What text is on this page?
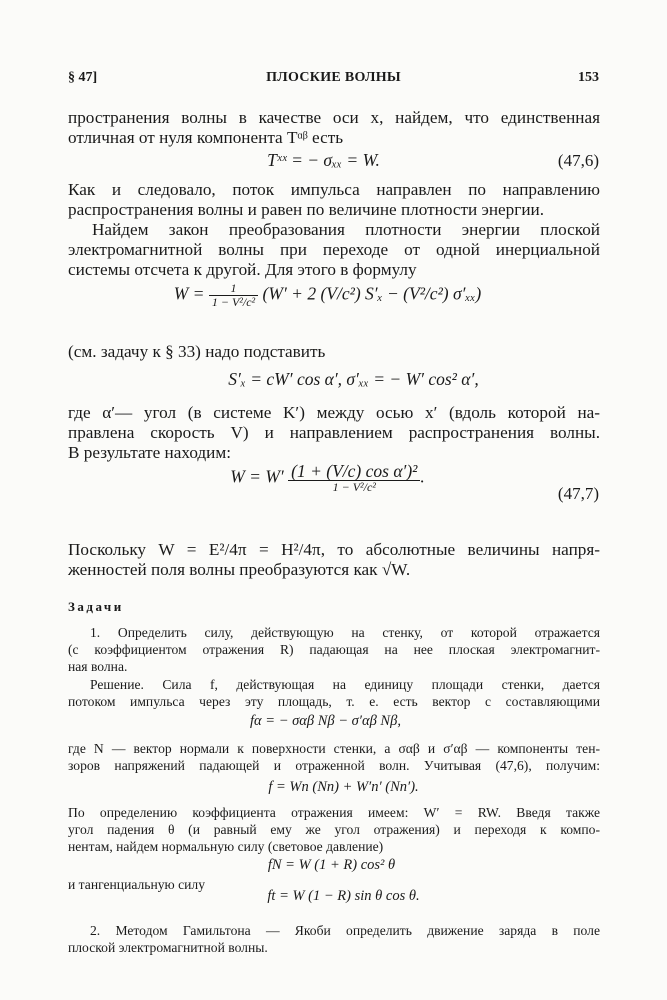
§ 47]	ПЛОСКИЕ ВОЛНЫ	153
пространения волны в качестве оси x, найдем, что единственная
отличная от нуля компонента Tᵅᵝ есть
Tˣˣ = − σₓₓ = W.	(47,6)
Как и следовало, поток импульса направлен по направлению
распространения волны и равен по величине плотности энергии.
Найдем закон преобразования плотности энергии плоской
электромагнитной волны при переходе от одной инерциальной
системы отсчета к другой. Для этого в формулу
$W = \frac{1}{\text{1 − V²/c²}} (W' + 2$ (V/c²) S′ₓ − (V²/c²) σ′ₓₓ)
(см. задачу к § 33) надо подставить
S′ₓ = cW′ cos α′, σ′ₓₓ = − W′ cos² α′,
где α′— угол (в системе K′) между осью x′ (вдоль которой на-
правлена скорость V) и направлением распространения волны.
В результате находим:
$W = W' \frac{\text{(1 + (V/c) cos α′)²}}{\text{1 − V²/c²}}$ .
(47,7)
Поскольку W = E²/4π = H²/4π, то абсолютные величины напря-
женностей поля волны преобразуются как √W.
Задачи
1. Определить силу, действующую на стенку, от которой отражается
(с коэффициентом отражения R) падающая на нее плоская электромагнит-
ная волна.
Решение. Сила f, действующая на единицу площади стенки, дается
потоком импульса через эту площадь, т. е. есть вектор с составляющими
fα = − σαβ Nβ − σ′αβ Nβ,
где N — вектор нормали к поверхности стенки, а σαβ и σ′αβ — компоненты тен-
зоров напряжений падающей и отраженной волн. Учитывая (47,6), получим:
f = Wn (Nn) + W′n′ (Nn′).
По определению коэффициента отражения имеем: W′ = RW. Введя также
угол падения θ (и равный ему же угол отражения) и переходя к компо-
нентам, найдем нормальную силу (световое давление)
fN = W (1 + R) cos² θ
и тангенциальную силу
ft = W (1 − R) sin θ cos θ.
2. Методом Гамильтона — Якоби определить движение заряда в поле
плоской электромагнитной волны.
